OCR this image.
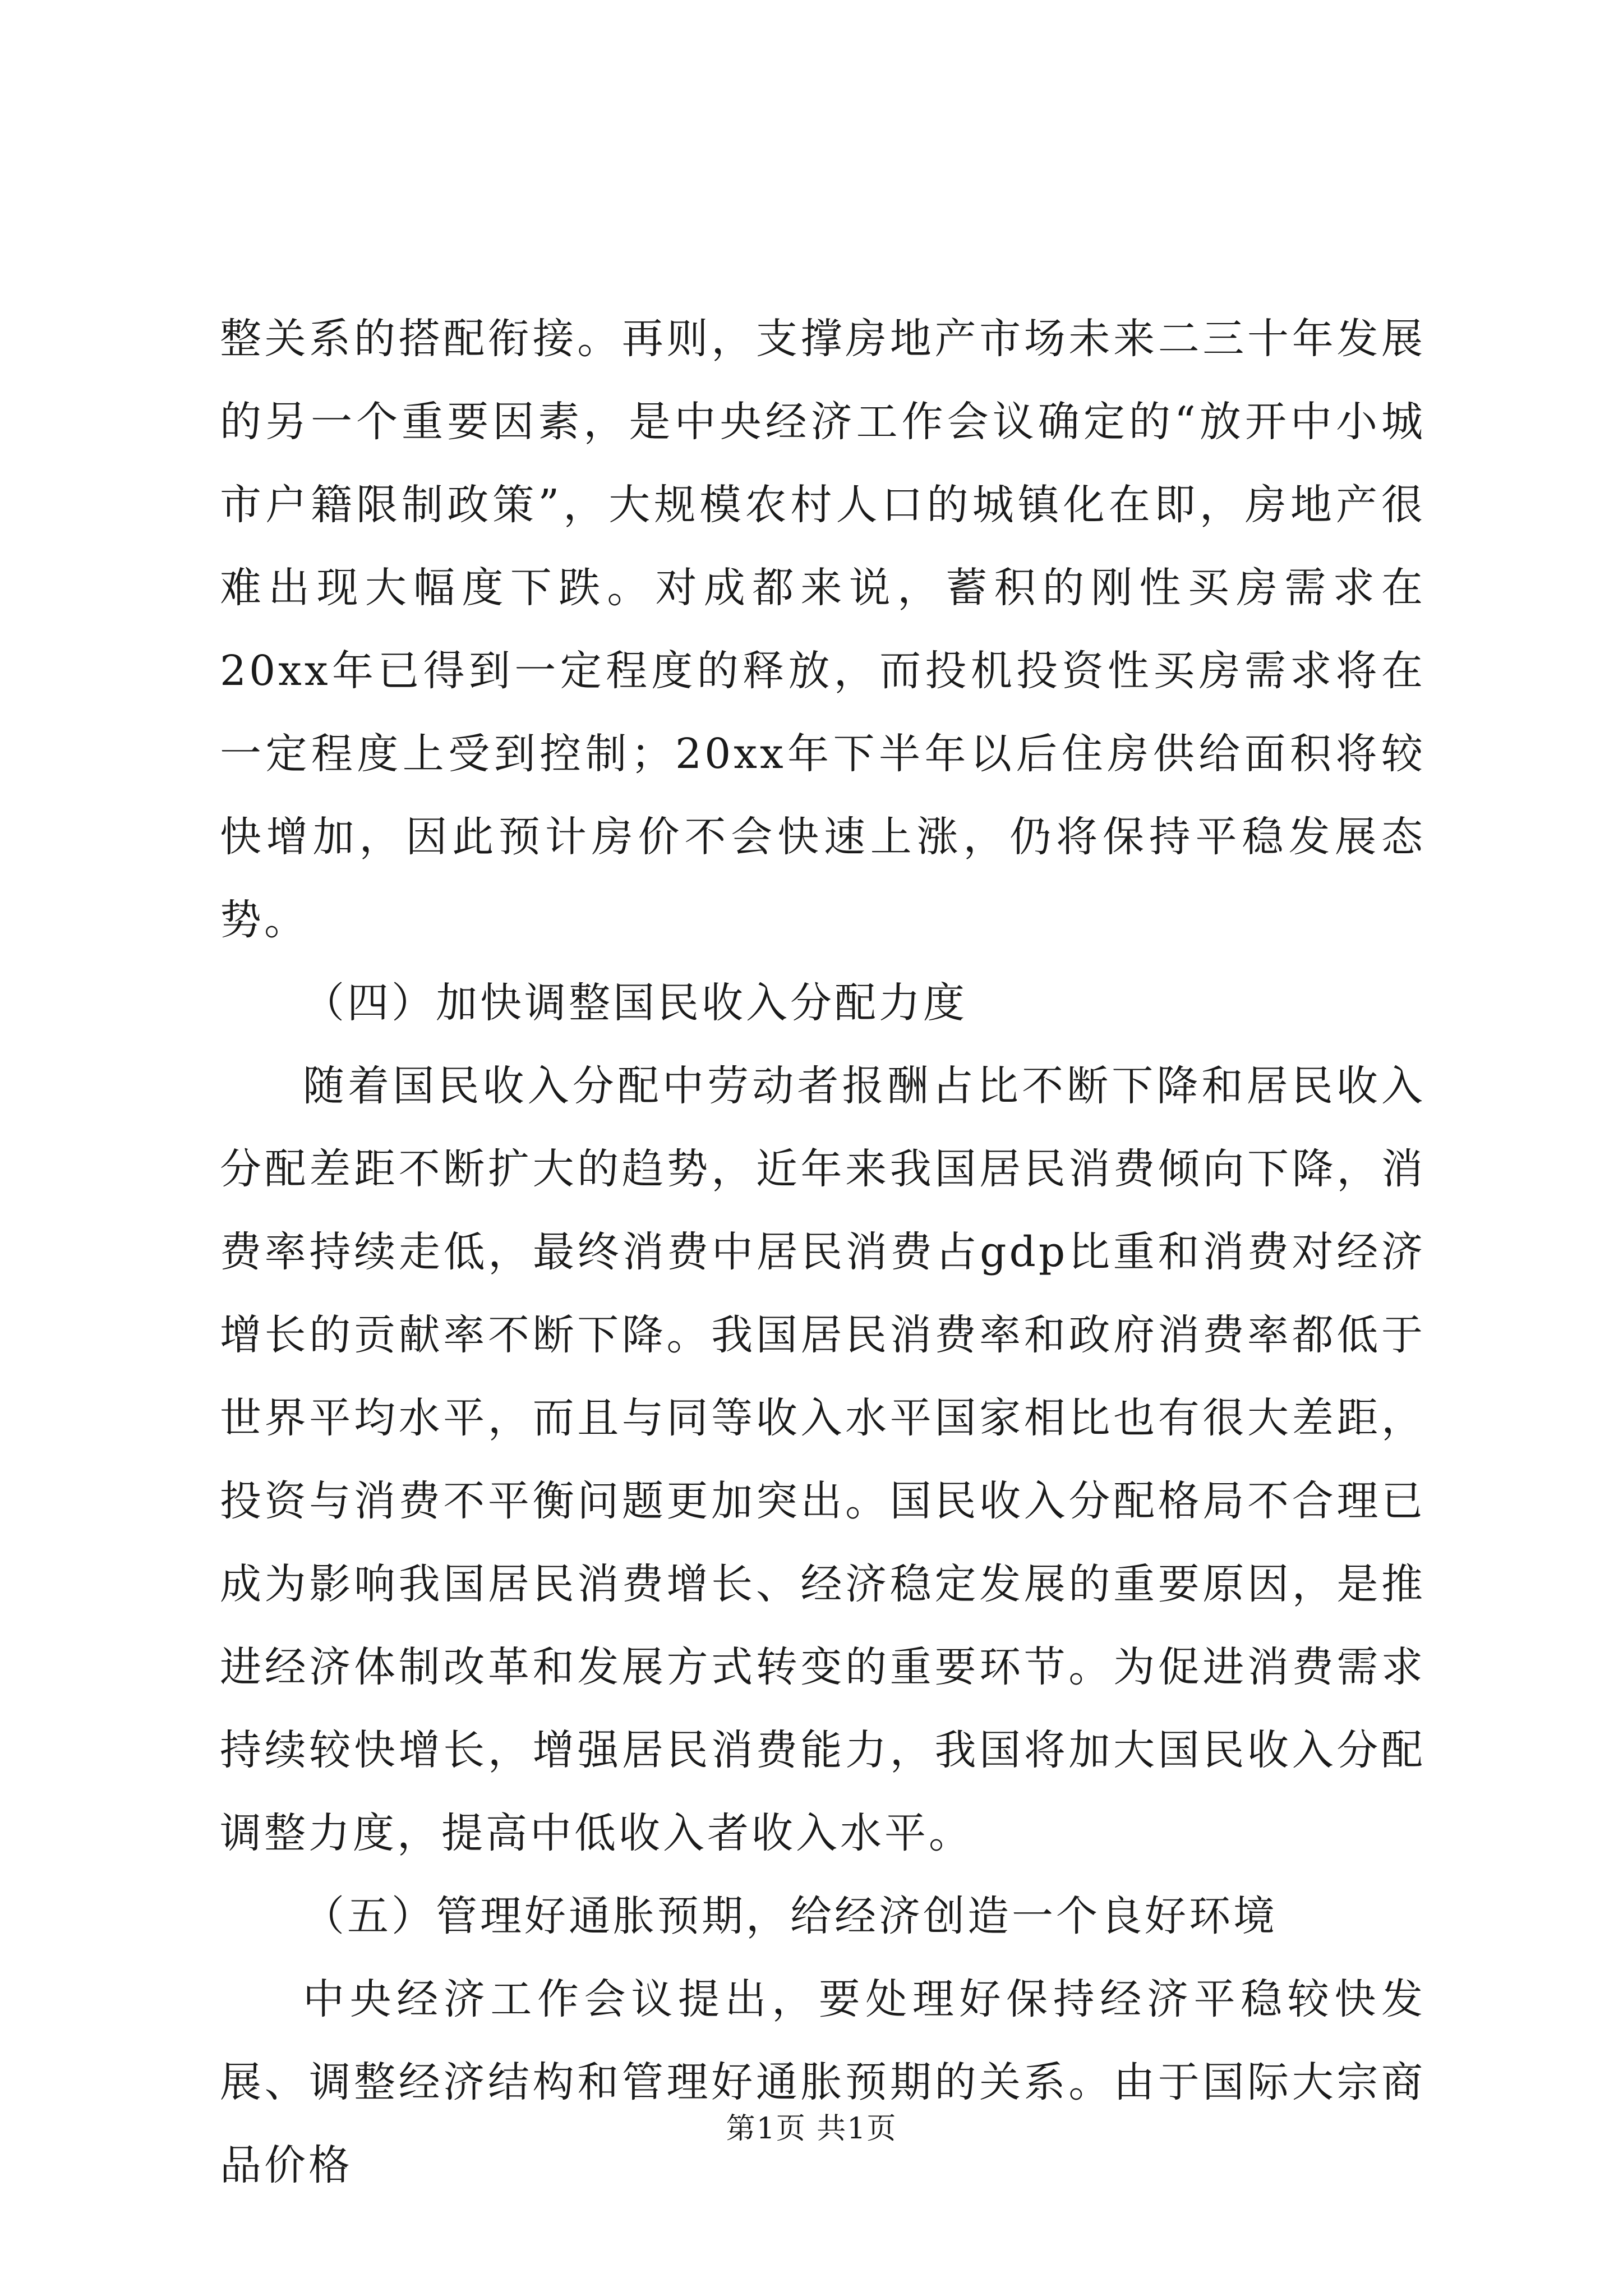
整关系的搭配衔接。再则，支撑房地产市场未来二三十年发展的另一个重要因素，是中央经济工作会议确定的“放开中小城市户籍限制政策”，大规模农村人口的城镇化在即，房地产很难出现大幅度下跌。对成都来说，蓄积的刚性买房需求在20xx年已得到一定程度的释放，而投机投资性买房需求将在一定程度上受到控制；20xx年下半年以后住房供给面积将较快增加，因此预计房价不会快速上涨，仍将保持平稳发展态势。

（四）加快调整国民收入分配力度

随着国民收入分配中劳动者报酬占比不断下降和居民收入分配差距不断扩大的趋势，近年来我国居民消费倾向下降，消费率持续走低，最终消费中居民消费占gdp比重和消费对经济增长的贡献率不断下降。我国居民消费率和政府消费率都低于世界平均水平，而且与同等收入水平国家相比也有很大差距，投资与消费不平衡问题更加突出。国民收入分配格局不合理已成为影响我国居民消费增长、经济稳定发展的重要原因，是推进经济体制改革和发展方式转变的重要环节。为促进消费需求持续较快增长，增强居民消费能力，我国将加大国民收入分配调整力度，提高中低收入者收入水平。

（五）管理好通胀预期，给经济创造一个良好环境

中央经济工作会议提出，要处理好保持经济平稳较快发展、调整经济结构和管理好通胀预期的关系。由于国际大宗商品价格

第1页 共1页
